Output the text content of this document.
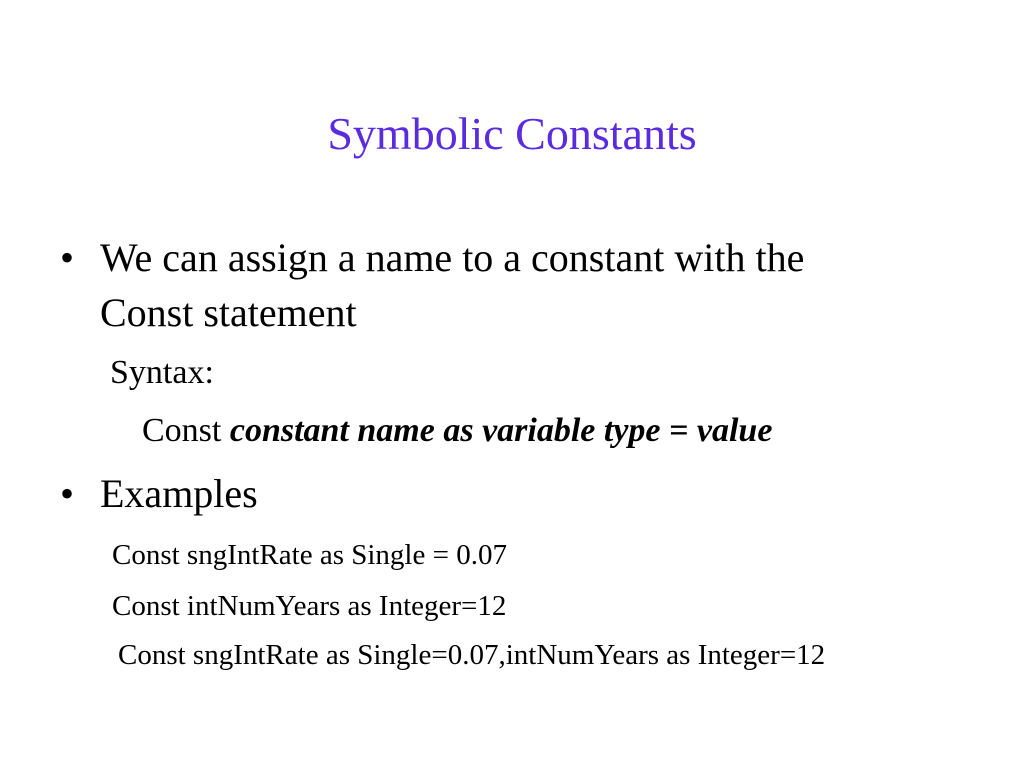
Symbolic Constants
• We can assign a name to a constant with the
Const statement
Syntax:
Const constant name as variable type = value
• Examples
Const sngIntRate as Single = 0.07
Const intNumYears as Integer=12
Const sngIntRate as Single=0.07,intNumYears as Integer=12
